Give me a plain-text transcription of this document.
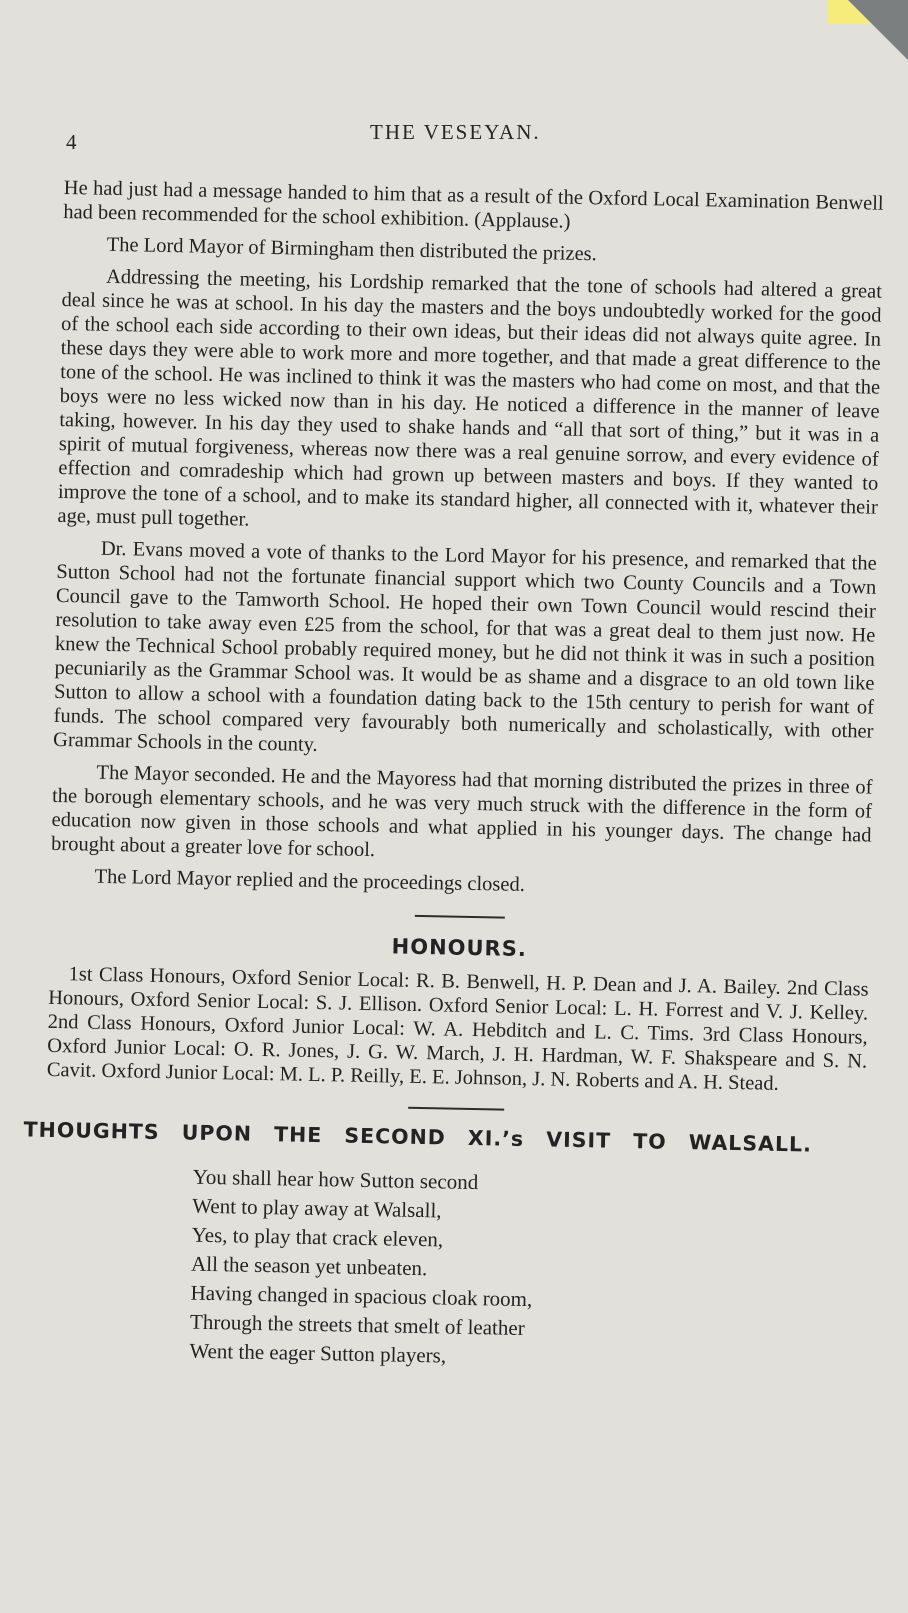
4	THE VESEYAN.

He had just had a message handed to him that as a result of the Oxford Local Examination Benwell had been recommended for the school exhibition. (Applause.)

The Lord Mayor of Birmingham then distributed the prizes.

Addressing the meeting, his Lordship remarked that the tone of schools had altered a great deal since he was at school. In his day the masters and the boys undoubtedly worked for the good of the school each side according to their own ideas, but their ideas did not always quite agree. In these days they were able to work more and more together, and that made a great difference to the tone of the school. He was inclined to think it was the masters who had come on most, and that the boys were no less wicked now than in his day. He noticed a difference in the manner of leave taking, however. In his day they used to shake hands and “all that sort of thing,” but it was in a spirit of mutual forgiveness, whereas now there was a real genuine sorrow, and every evidence of effection and comradeship which had grown up between masters and boys. If they wanted to improve the tone of a school, and to make its standard higher, all connected with it, whatever their age, must pull together.

Dr. Evans moved a vote of thanks to the Lord Mayor for his presence, and remarked that the Sutton School had not the fortunate financial support which two County Councils and a Town Council gave to the Tamworth School. He hoped their own Town Council would rescind their resolution to take away even £25 from the school, for that was a great deal to them just now. He knew the Technical School probably required money, but he did not think it was in such a position pecuniarily as the Grammar School was. It would be as shame and a disgrace to an old town like Sutton to allow a school with a foundation dating back to the 15th century to perish for want of funds. The school compared very favourably both numerically and scholastically, with other Grammar Schools in the county.

The Mayor seconded. He and the Mayoress had that morning distributed the prizes in three of the borough elementary schools, and he was very much struck with the difference in the form of education now given in those schools and what applied in his younger days. The change had brought about a greater love for school.

The Lord Mayor replied and the proceedings closed.

HONOURS.

1st Class Honours, Oxford Senior Local: R. B. Benwell, H. P. Dean and J. A. Bailey. 2nd Class Honours, Oxford Senior Local: S. J. Ellison. Oxford Senior Local: L. H. Forrest and V. J. Kelley. 2nd Class Honours, Oxford Junior Local: W. A. Hebditch and L. C. Tims. 3rd Class Honours, Oxford Junior Local: O. R. Jones, J. G. W. March, J. H. Hardman, W. F. Shakspeare and S. N. Cavit. Oxford Junior Local: M. L. P. Reilly, E. E. Johnson, J. N. Roberts and A. H. Stead.

THOUGHTS UPON THE SECOND XI.’s VISIT TO WALSALL.
You shall hear how Sutton second
Went to play away at Walsall,
Yes, to play that crack eleven,
All the season yet unbeaten.
Having changed in spacious cloak room,
Through the streets that smelt of leather
Went the eager Sutton players,
